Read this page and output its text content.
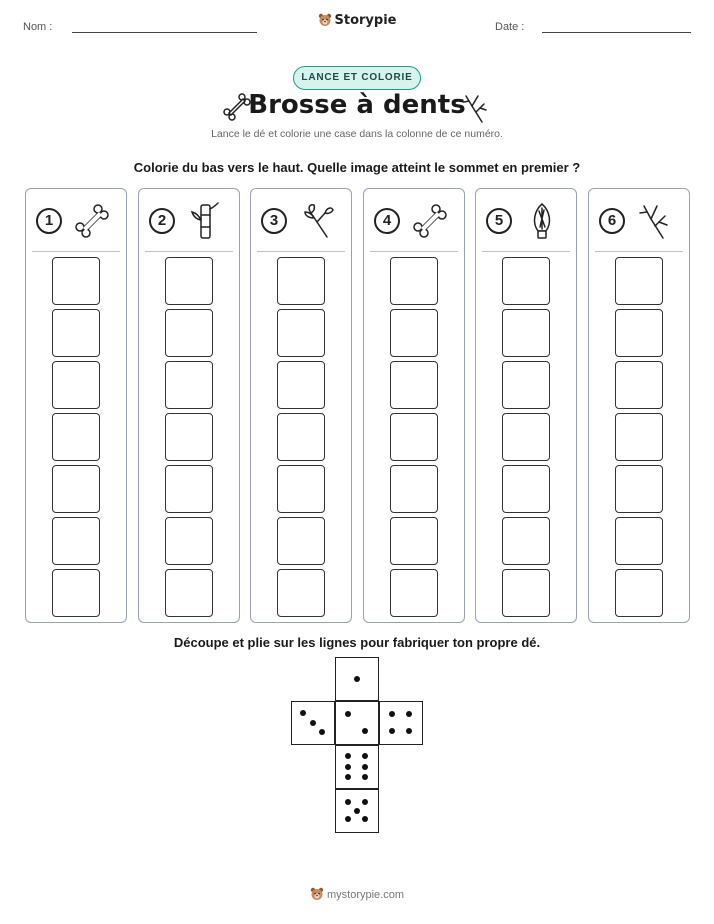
Nom :	Storypie	Date :
LANCE ET COLORIE
Brosse à dents
Lance le dé et colorie une case dans la colonne de ce numéro.
Colorie du bas vers le haut. Quelle image atteint le sommet en premier ?
1	2	3	4	5	6
Découpe et plie sur les lignes pour fabriquer ton propre dé.
mystorypie.com
